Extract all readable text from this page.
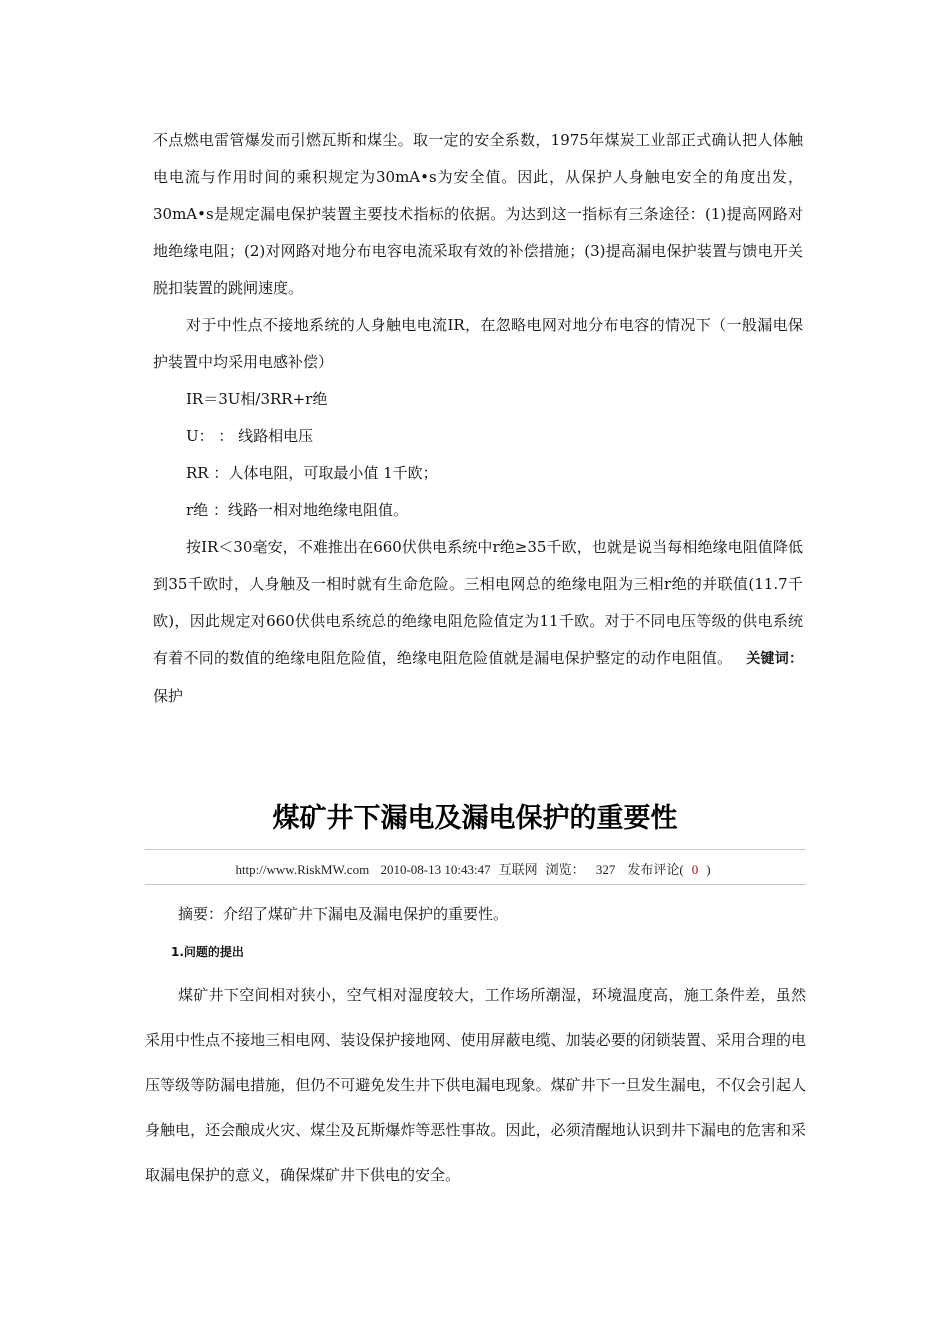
不点燃电雷管爆发而引燃瓦斯和煤尘。取一定的安全系数，1975年煤炭工业部正式确认把人体触电电流与作用时间的乘积规定为30mA•s为安全值。因此，从保护人身触电安全的角度出发，30mA•s是规定漏电保护装置主要技术指标的依据。为达到这一指标有三条途径：(1)提高网路对地绝缘电阻；(2)对网路对地分布电容电流采取有效的补偿措施；(3)提高漏电保护装置与馈电开关脱扣装置的跳闸速度。

对于中性点不接地系统的人身触电电流IR，在忽略电网对地分布电容的情况下（一般漏电保护装置中均采用电感补偿）

IR＝3U相/3RR+r绝

U： ： 线路相电压

RR ：人体电阻，可取最小值 1千欧；

r绝 ：线路一相对地绝缘电阻值。

按IR＜30毫安，不难推出在660伏供电系统中r绝≥35千欧，也就是说当每相绝缘电阻值降低到35千欧时，人身触及一相时就有生命危险。三相电网总的绝缘电阻为三相r绝的并联值(11.7千欧)，因此规定对660伏供电系统总的绝缘电阻危险值定为11千欧。对于不同电压等级的供电系统有着不同的数值的绝缘电阻危险值，绝缘电阻危险值就是漏电保护整定的动作电阻值。 关键词：保护

煤矿井下漏电及漏电保护的重要性
http://www.RiskMW.com 2010-08-13 10:43:47 互联网 浏览： 327 发布评论( 0 )

摘要：介绍了煤矿井下漏电及漏电保护的重要性。

1.问题的提出

煤矿井下空间相对狭小，空气相对湿度较大，工作场所潮湿，环境温度高，施工条件差，虽然采用中性点不接地三相电网、装设保护接地网、使用屏蔽电缆、加装必要的闭锁装置、采用合理的电压等级等防漏电措施，但仍不可避免发生井下供电漏电现象。煤矿井下一旦发生漏电，不仅会引起人身触电，还会酿成火灾、煤尘及瓦斯爆炸等恶性事故。因此，必须清醒地认识到井下漏电的危害和采取漏电保护的意义，确保煤矿井下供电的安全。
